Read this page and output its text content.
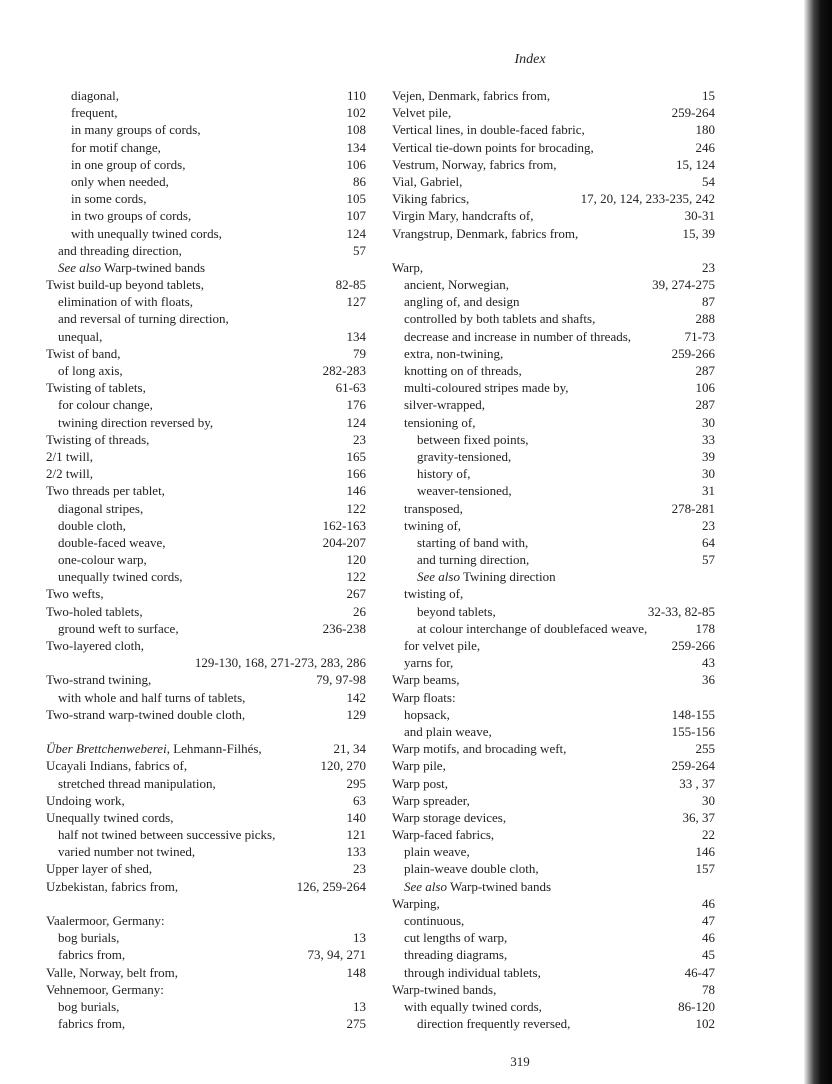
Index
diagonal,	110
frequent,	102
in many groups of cords,	108
for motif change,	134
in one group of cords,	106
only when needed,	86
in some cords,	105
in two groups of cords,	107
with unequally twined cords,	124
and threading direction,	57
See also Warp-twined bands
Twist build-up beyond tablets,	82-85
elimination of with floats,	127
and reversal of turning direction,
unequal,	134
Twist of band,	79
of long axis,	282-283
Twisting of tablets,	61-63
for colour change,	176
twining direction reversed by,	124
Twisting of threads,	23
2/1 twill,	165
2/2 twill,	166
Two threads per tablet,	146
diagonal stripes,	122
double cloth,	162-163
double-faced weave,	204-207
one-colour warp,	120
unequally twined cords,	122
Two wefts,	267
Two-holed tablets,	26
ground weft to surface,	236-238
Two-layered cloth,
129-130, 168, 271-273, 283, 286
Two-strand twining,	79, 97-98
with whole and half turns of tablets,	142
Two-strand warp-twined double cloth,	129
Über Brettchenweberei, Lehmann-Filhés,	21, 34
Ucayali Indians, fabrics of,	120, 270
stretched thread manipulation,	295
Undoing work,	63
Unequally twined cords,	140
half not twined between successive picks,	121
varied number not twined,	133
Upper layer of shed,	23
Uzbekistan, fabrics from,	126, 259-264
Vaalermoor, Germany:
bog burials,	13
fabrics from,	73, 94, 271
Valle, Norway, belt from,	148
Vehnemoor, Germany:
bog burials,	13
fabrics from,	275
Vejen, Denmark, fabrics from,	15
Velvet pile,	259-264
Vertical lines, in double-faced fabric,	180
Vertical tie-down points for brocading,	246
Vestrum, Norway, fabrics from,	15, 124
Vial, Gabriel,	54
Viking fabrics,	17, 20, 124, 233-235, 242
Virgin Mary, handcrafts of,	30-31
Vrangstrup, Denmark, fabrics from,	15, 39
Warp,	23
ancient, Norwegian,	39, 274-275
angling of, and design	87
controlled by both tablets and shafts,	288
decrease and increase in number of threads,	71-73
extra, non-twining,	259-266
knotting on of threads,	287
multi-coloured stripes made by,	106
silver-wrapped,	287
tensioning of,	30
between fixed points,	33
gravity-tensioned,	39
history of,	30
weaver-tensioned,	31
transposed,	278-281
twining of,	23
starting of band with,	64
and turning direction,	57
See also Twining direction
twisting of,
beyond tablets,	32-33, 82-85
at colour interchange of doublefaced weave,	178
for velvet pile,	259-266
yarns for,	43
Warp beams,	36
Warp floats:
hopsack,	148-155
and plain weave,	155-156
Warp motifs, and brocading weft,	255
Warp pile,	259-264
Warp post,	33 , 37
Warp spreader,	30
Warp storage devices,	36, 37
Warp-faced fabrics,	22
plain weave,	146
plain-weave double cloth,	157
See also Warp-twined bands
Warping,	46
continuous,	47
cut lengths of warp,	46
threading diagrams,	45
through individual tablets,	46-47
Warp-twined bands,	78
with equally twined cords,	86-120
direction frequently reversed,	102
319
